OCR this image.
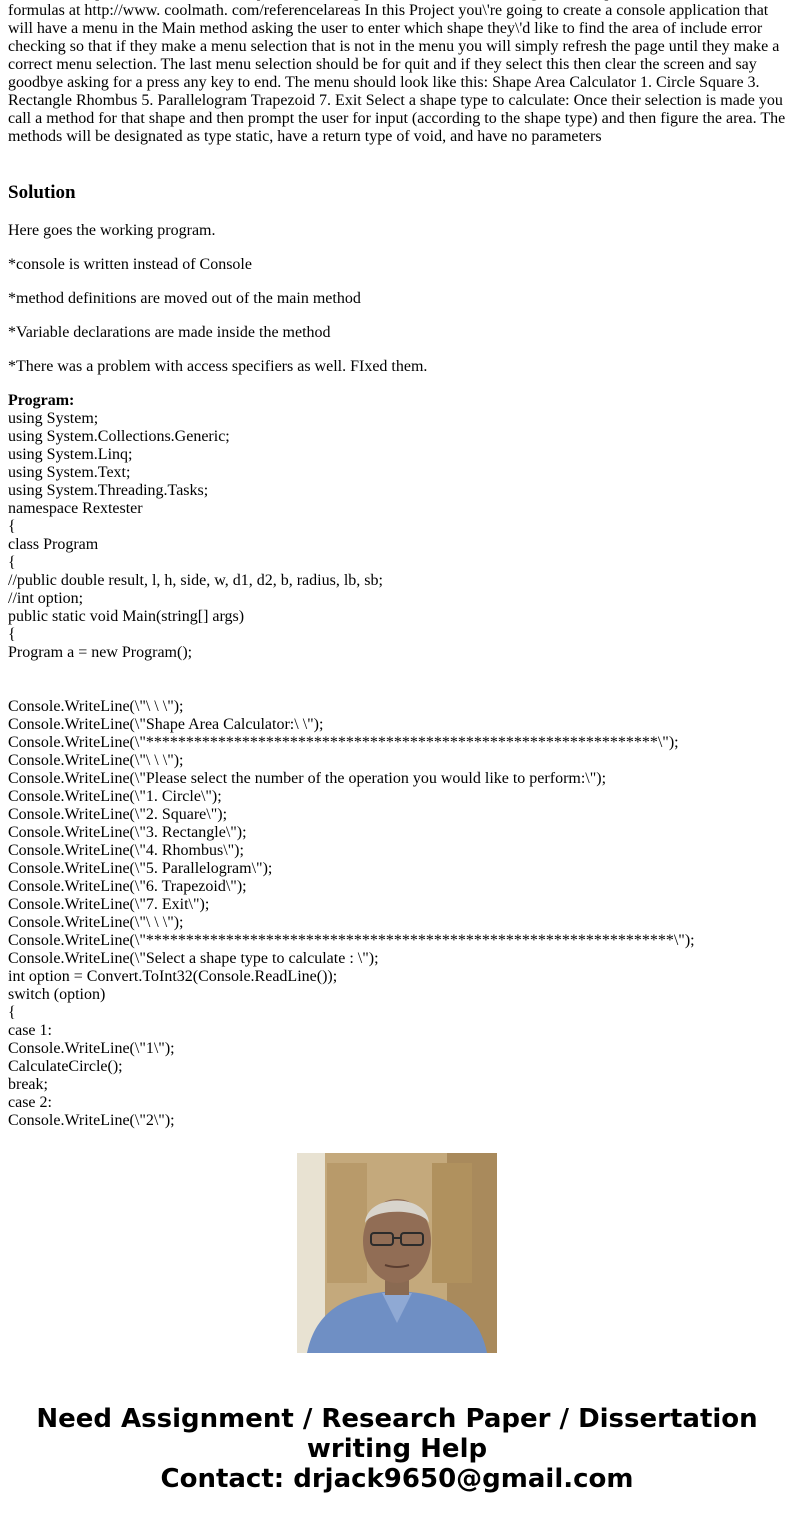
formulas at http://www. coolmath. com/referencelareas In this Project you\'re going to create a console application that will have a menu in the Main method asking the user to enter which shape they\'d like to find the area of include error checking so that if they make a menu selection that is not in the menu you will simply refresh the page until they make a correct menu selection. The last menu selection should be for quit and if they select this then clear the screen and say goodbye asking for a press any key to end. The menu should look like this: Shape Area Calculator 1. Circle Square 3. Rectangle Rhombus 5. Parallelogram Trapezoid 7. Exit Select a shape type to calculate: Once their selection is made you call a method for that shape and then prompt the user for input (according to the shape type) and then figure the area. The methods will be designated as type static, have a return type of void, and have no parameters

Solution
Here goes the working program.
*console is written instead of Console
*method definitions are moved out of the main method
*Variable declarations are made inside the method
*There was a problem with access specifiers as well. FIxed them.
Program:
using System;
using System.Collections.Generic;
using System.Linq;
using System.Text;
using System.Threading.Tasks;
namespace Rextester
{
class Program
{
//public double result, l, h, side, w, d1, d2, b, radius, lb, sb;
//int option;
public static void Main(string[] args)
{
Program a = new Program();
Console.WriteLine(\"\ \ \");
Console.WriteLine(\"Shape Area Calculator:\ \");
Console.WriteLine(\"****************************************************************\");
Console.WriteLine(\"\ \ \");
Console.WriteLine(\"Please select the number of the operation you would like to perform:\");
Console.WriteLine(\"1. Circle\");
Console.WriteLine(\"2. Square\");
Console.WriteLine(\"3. Rectangle\");
Console.WriteLine(\"4. Rhombus\");
Console.WriteLine(\"5. Parallelogram\");
Console.WriteLine(\"6. Trapezoid\");
Console.WriteLine(\"7. Exit\");
Console.WriteLine(\"\ \ \");
Console.WriteLine(\"******************************************************************\");
Console.WriteLine(\"Select a shape type to calculate : \");
int option = Convert.ToInt32(Console.ReadLine());
switch (option)
{
case 1:
Console.WriteLine(\"1\");
CalculateCircle();
break;
case 2:
Console.WriteLine(\"2\");
Need Assignment / Research Paper / Dissertation
writing Help
Contact: drjack9650@gmail.com
